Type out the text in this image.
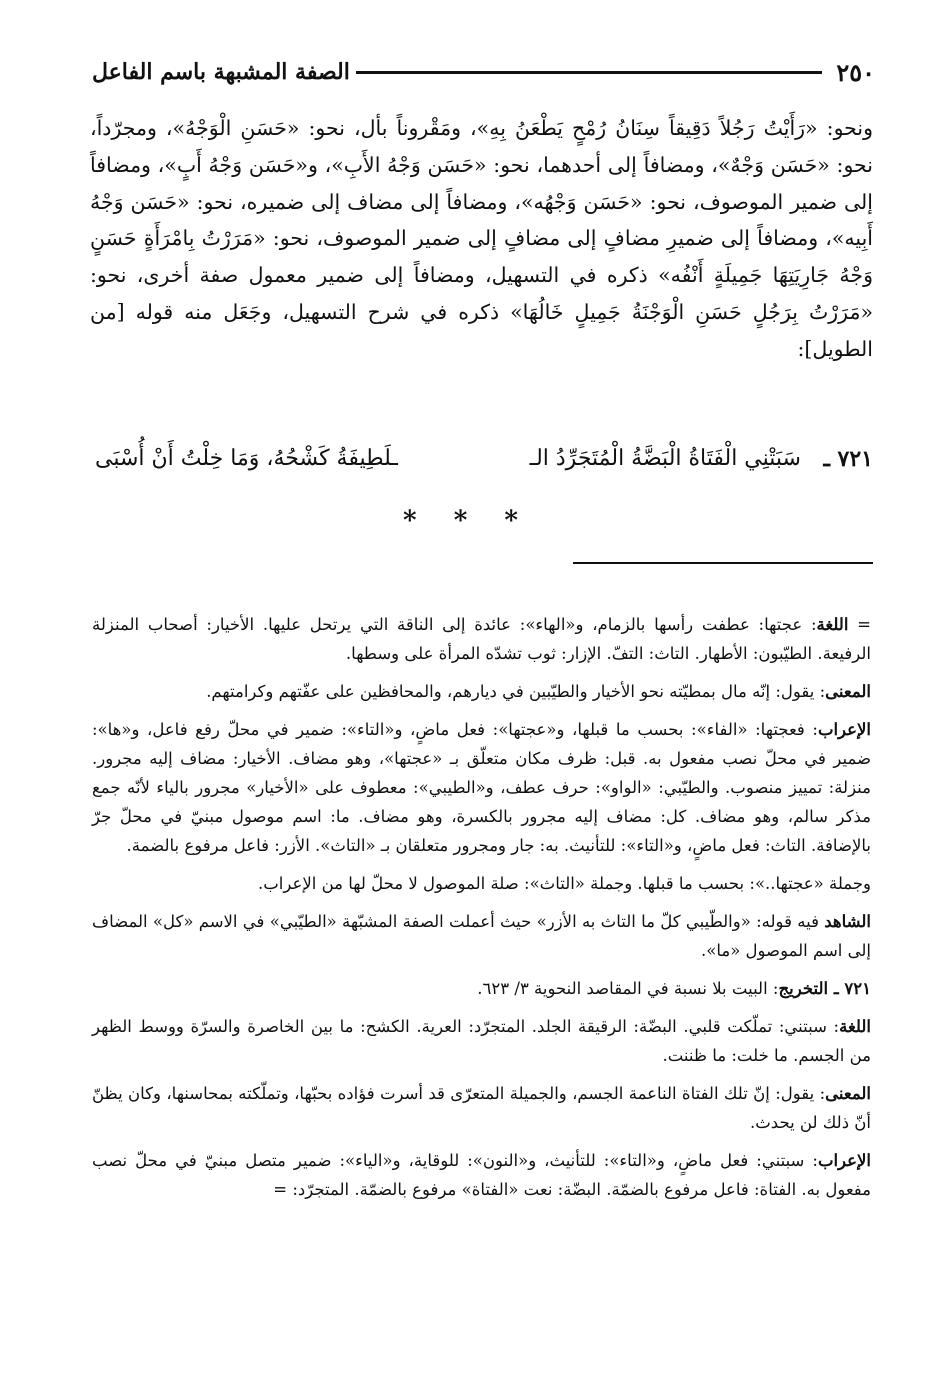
٢٥٠
الصفة المشبهة باسم الفاعل

ونحو: «رَأَيْتُ رَجُلاً دَقِيقاً سِنَانُ رُمْحٍ يَطْعَنُ بِهِ»، ومَقْروناً بأل، نحو: «حَسَنِ الْوَجْهُ»، ومجرّداً، نحو: «حَسَن وَجْهٌ»، ومضافاً إلى أحدهما، نحو: «حَسَن وَجْهُ الأَبِ»، و«حَسَن وَجْهُ أَبٍ»، ومضافاً إلى ضمير الموصوف، نحو: «حَسَن وَجْهُه»، ومضافاً إلى مضاف إلى ضميره، نحو: «حَسَن وَجْهُ أَبِيه»، ومضافاً إلى ضميرِ مضافٍ إلى مضافٍ إلى ضمير الموصوف، نحو: «مَرَرْتُ بِامْرَأَةٍ حَسَنٍ وَجْهُ جَارِيَتِهَا جَمِيلَةٍ أَنْفُه» ذكره في التسهيل، ومضافاً إلى ضمير معمول صفة أخرى، نحو: «مَرَرْتُ بِرَجُلٍ حَسَنِ الْوَجْنَةُ جَمِيلٍ خَالُهَا» ذكره في شرح التسهيل، وجَعَل منه قوله [من الطويل]:

٧٢١ ـ
سَبَتْنِي الْفَتَاةُ الْبَضَّةُ الْمُتَجَرِّدُ الـ
ـلَطِيفَةُ كَشْحُهُ، وَمَا خِلْتُ أَنْ أُسْبَى
* * *

= اللغة: عجتها: عطفت رأسها بالزمام، و«الهاء»: عائدة إلى الناقة التي يرتحل عليها. الأخيار: أصحاب المنزلة الرفيعة. الطيّبون: الأطهار. التاث: التفّ. الإزار: ثوب تشدّه المرأة على وسطها.

المعنى: يقول: إنّه مال بمطيّته نحو الأخيار والطيّبين في ديارهم، والمحافظين على عفّتهم وكرامتهم.

الإعراب: فعجتها: «الفاء»: بحسب ما قبلها، و«عجتها»: فعل ماضٍ، و«التاء»: ضمير في محلّ رفع فاعل، و«ها»: ضمير في محلّ نصب مفعول به. قبل: ظرف مكان متعلّق بـ «عجتها»، وهو مضاف. الأخيار: مضاف إليه مجرور. منزلة: تمييز منصوب. والطيّبي: «الواو»: حرف عطف، و«الطيبي»: معطوف على «الأخيار» مجرور بالياء لأنّه جمع مذكر سالم، وهو مضاف. كل: مضاف إليه مجرور بالكسرة، وهو مضاف. ما: اسم موصول مبنيّ في محلّ جرّ بالإضافة. التاث: فعل ماضٍ، و«التاء»: للتأنيث. به: جار ومجرور متعلقان بـ «التاث». الأزر: فاعل مرفوع بالضمة.

وجملة «عجتها..»: بحسب ما قبلها. وجملة «التاث»: صلة الموصول لا محلّ لها من الإعراب.

الشاهد فيه قوله: «والطّيبي كلّ ما التاث به الأزر» حيث أعملت الصفة المشبّهة «الطيّبي» في الاسم «كل» المضاف إلى اسم الموصول «ما».

٧٢١ ـ التخريج: البيت بلا نسبة في المقاصد النحوية ٣/ ٦٢٣.

اللغة: سبتني: تملّكت قلبي. البضّة: الرقيقة الجلد. المتجرّد: العرية. الكشح: ما بين الخاصرة والسرّة ووسط الظهر من الجسم. ما خلت: ما ظننت.

المعنى: يقول: إنّ تلك الفتاة الناعمة الجسم، والجميلة المتعرّى قد أسرت فؤاده بحبّها، وتملّكته بمحاسنها، وكان يظنّ أنّ ذلك لن يحدث.

الإعراب: سبتني: فعل ماضٍ، و«التاء»: للتأنيث، و«النون»: للوقاية، و«الياء»: ضمير متصل مبنيّ في محلّ نصب مفعول به. الفتاة: فاعل مرفوع بالضمّة. البضّة: نعت «الفتاة» مرفوع بالضمّة. المتجرّد: =
